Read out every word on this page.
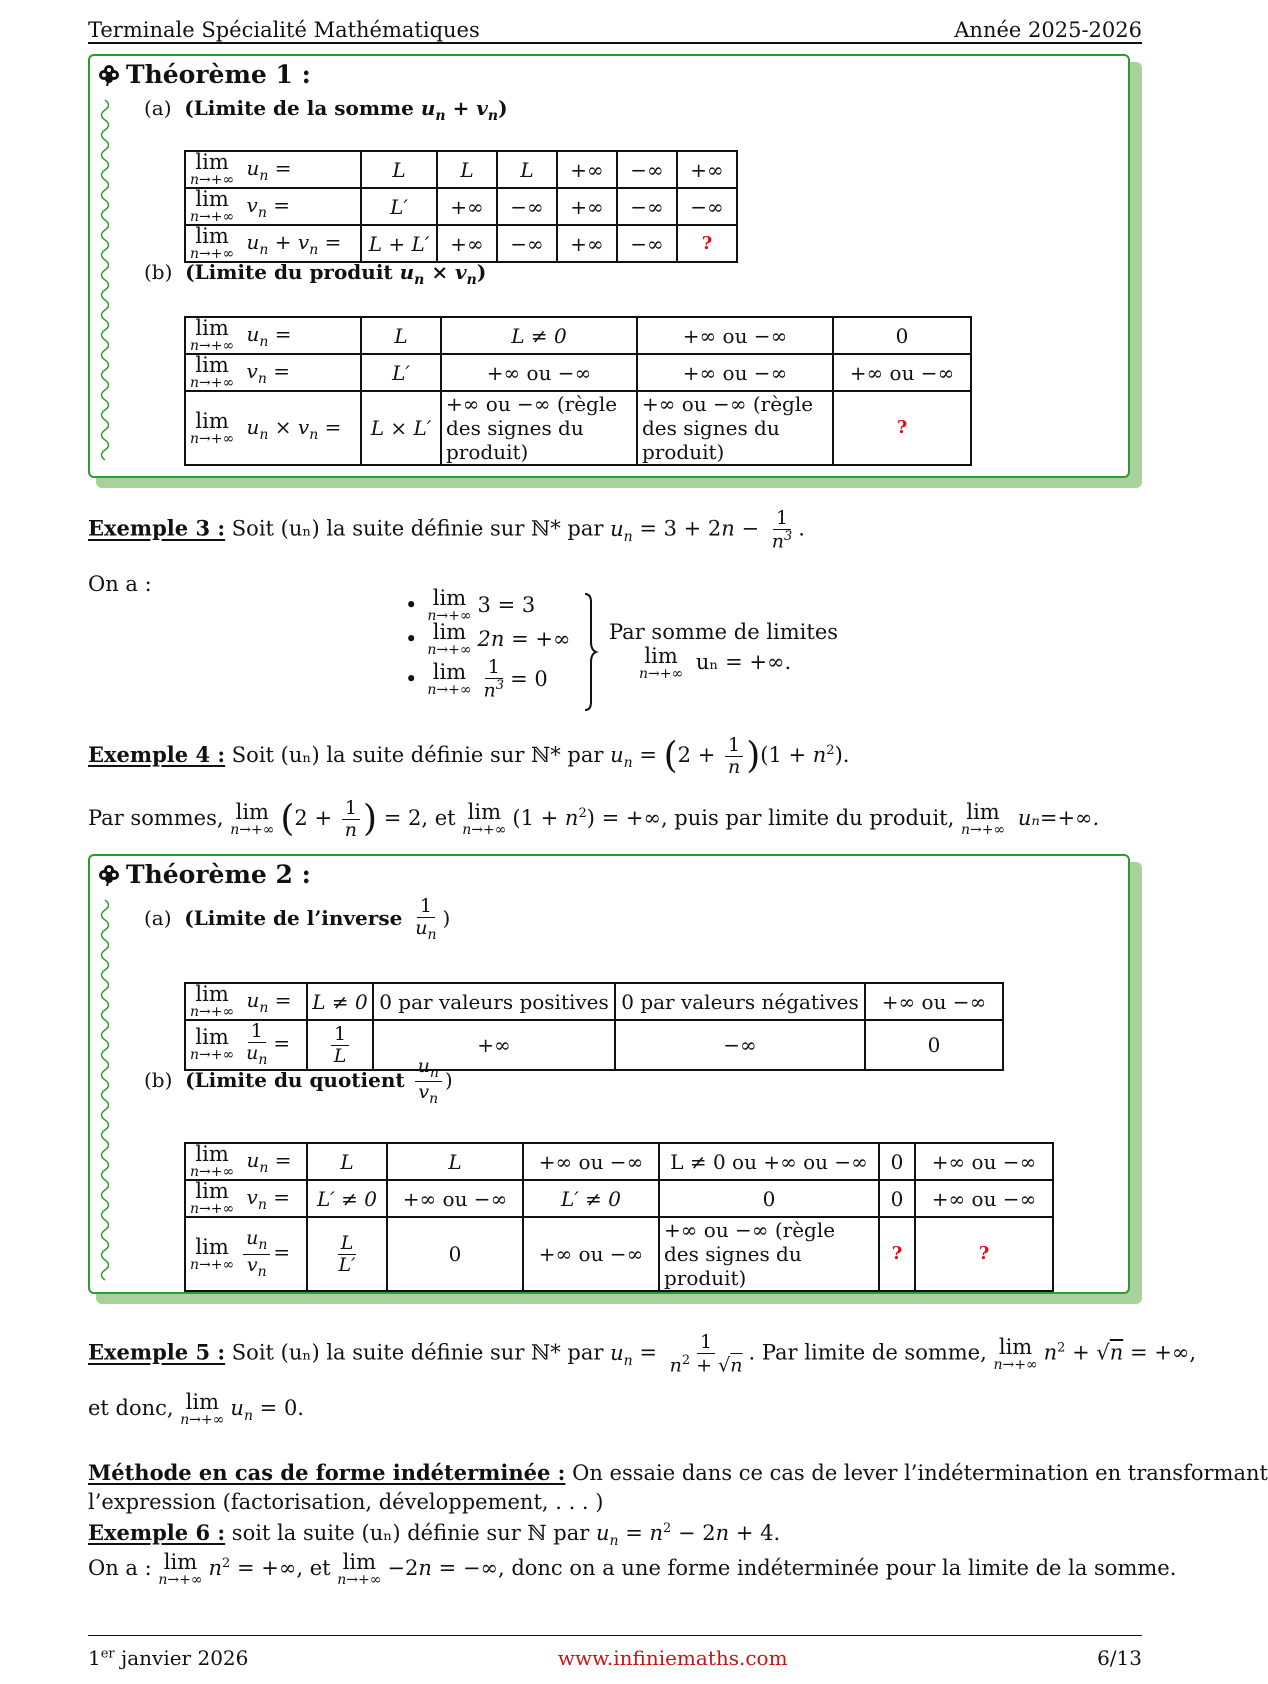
Terminale Spécialité Mathématiques	Année 2025-2026
Théorème 1 :
(a) (Limite de la somme $u_n + v_n$)
lim
n→+∞ $u_n$ =	L	L	L	+∞	−∞	+∞

lim
n→+∞ $v_n$ =	L′	+∞	−∞	+∞	−∞	−∞

lim
n→+∞ $u_n + v_n$ =	L + L′	+∞	−∞	+∞	−∞	?
(b) (Limite du produit $u_n \times v_n$)
lim
n→+∞ $u_n$ =	L	L ≠ 0	+∞ ou −∞	0

lim
n→+∞ $v_n$ =	L′	+∞ ou −∞	+∞ ou −∞	+∞ ou −∞

lim
n→+∞ $u_n \times v_n$ =	L × L′	+∞ ou −∞ (règle des signes du produit)	+∞ ou −∞ (règle des signes du produit)	?
Exemple 3 : Soit (uₙ) la suite définie sur ℕ* par $u_n = 3 + 2n - \frac{1}{n^3}$ .
On a :
• lim
n→+∞ 3 = 3
• lim
n→+∞ 2n = +∞
• lim
$n\to+\infty \frac{1}{n^3} = 0$
Par somme de limites
lim
n→+∞ uₙ = +∞.
Exemple 4 : Soit (uₙ) la suite définie sur ℕ* par $u_n = (2 + \frac{1}{n} )(1 + n^2)$.
Par sommes, lim
n→+∞ ($2 + \frac{1}{n}$ ) = 2, et lim
n→+∞ $(1 + n^2)$ = +∞, puis par limite du produit, lim
n→+∞ uₙ=+∞.
Théorème 2 :
(a) (Limite de l’inverse $\frac{1}{u_n}$ )
lim
n→+∞ $u_n$ =	L ≠ 0	0 par valeurs positives	0 par valeurs négatives	+∞ ou −∞

lim
$n\to+\infty \frac{1}{u_n}$ =	$\frac{1}{L}$	+∞	−∞	0
(b) (Limite du quotient $\frac{u_n}{v_n}$ )
lim
n→+∞ $u_n$ =	L	L	+∞ ou −∞	L ≠ 0 ou +∞ ou −∞	0	+∞ ou −∞

lim
n→+∞ $v_n$ =	L′ ≠ 0	+∞ ou −∞	L′ ≠ 0	0	0	+∞ ou −∞

lim
$n\to+\infty \frac{u_n}{v_n}$ =	$\frac{L}{L'}$	0	+∞ ou −∞	+∞ ou −∞ (règle des signes du produit)	?	?
Exemple 5 : Soit (uₙ) la suite définie sur ℕ* par $u_n = \frac{1}{n^2 + √n}$ . Par limite de somme, lim
n→+∞ $n^2 + √n$ = +∞,
et donc, lim
n→+∞ $u_n = 0$.
Méthode en cas de forme indéterminée : On essaie dans ce cas de lever l’indétermination en transformant
l’expression (factorisation, développement, . . . )
Exemple 6 : soit la suite (uₙ) définie sur ℕ par $u_n = n^2 - 2n + 4$.
On a : lim
n→+∞ $n^2$ = +∞, et lim
n→+∞ −2n = −∞, donc on a une forme indéterminée pour la limite de la somme.
1er janvier 2026	www.infiniemaths.com	6/13
